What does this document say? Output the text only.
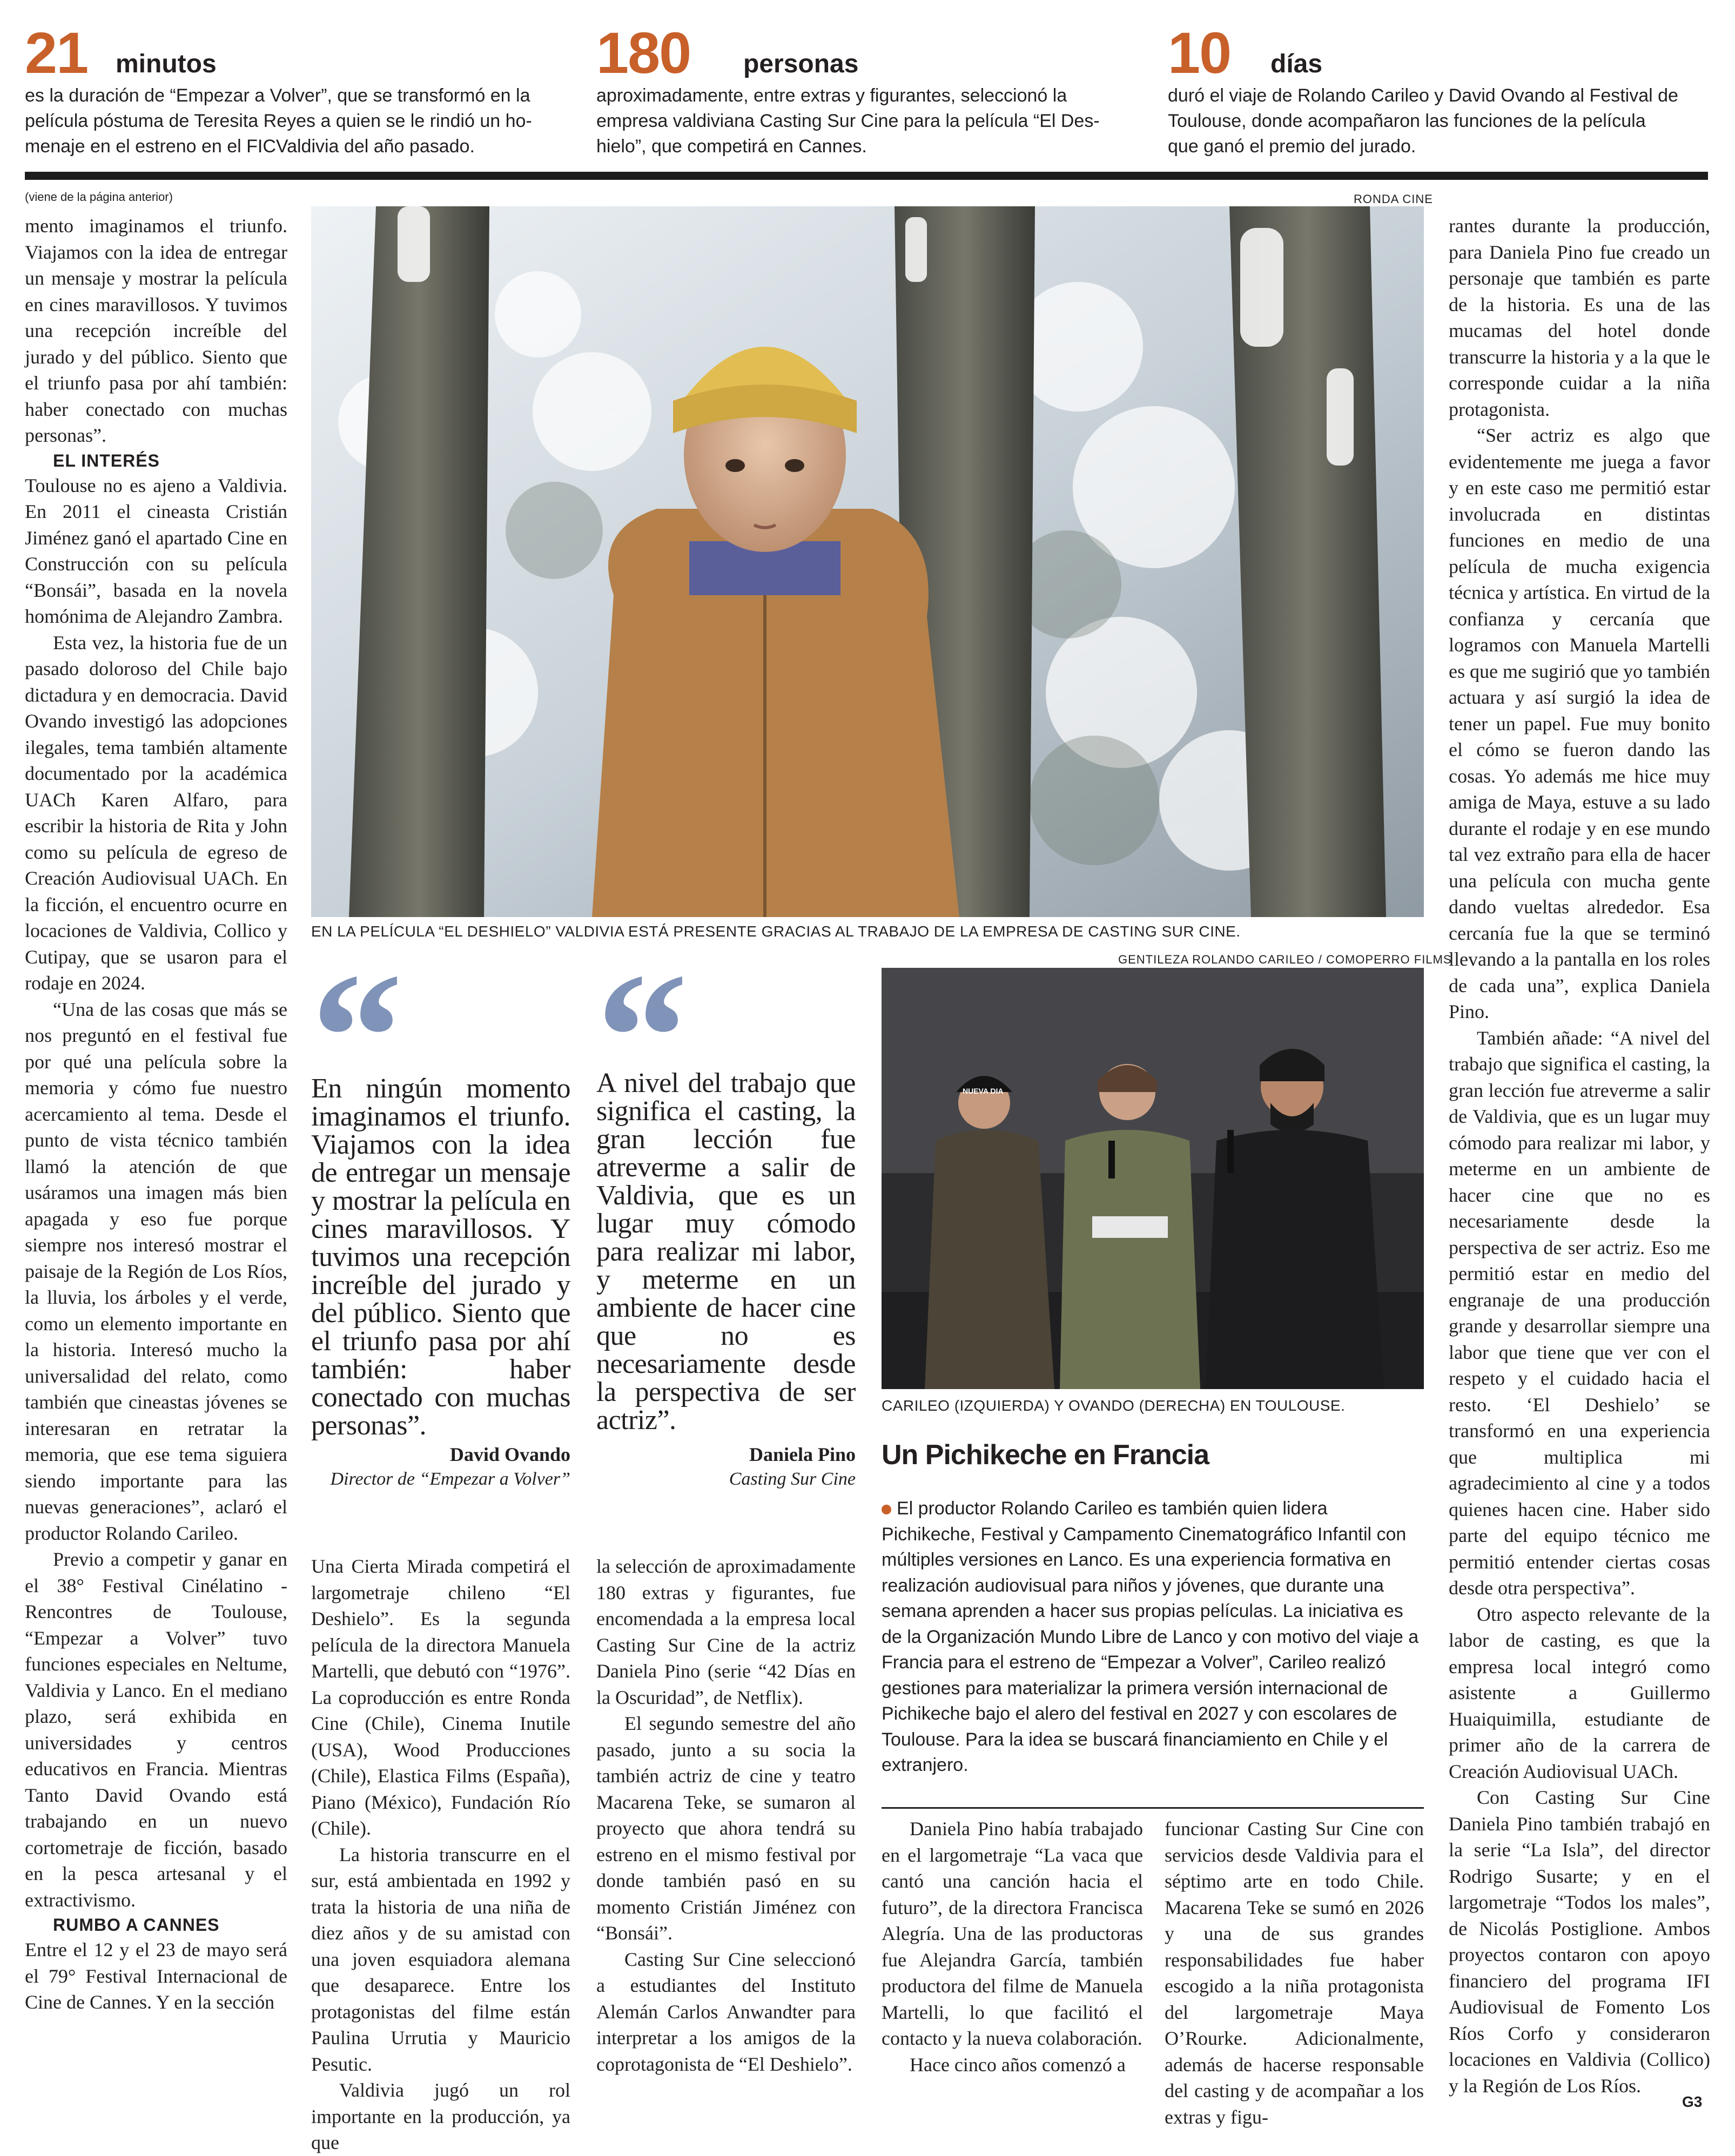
21 minutos
es la duración de “Empezar a Volver”, que se transformó en la
película póstuma de Teresita Reyes a quien se le rindió un ho-
menaje en el estreno en el FICValdivia del año pasado.
180 personas
aproximadamente, entre extras y figurantes, seleccionó la
empresa valdiviana Casting Sur Cine para la película “El Des-
hielo”, que competirá en Cannes.
10 días
duró el viaje de Rolando Carileo y David Ovando al Festival de
Toulouse, donde acompañaron las funciones de la película
que ganó el premio del jurado.
(viene de la página anterior)

mento imaginamos el triunfo. Viajamos con la idea de entregar un mensaje y mostrar la película en cines maravillosos. Y tuvimos una recepción increíble del jurado y del público. Siento que el triunfo pasa por ahí también: haber conectado con muchas personas”.

EL INTERÉS

Toulouse no es ajeno a Valdivia. En 2011 el cineasta Cristián Jiménez ganó el apartado Cine en Construcción con su película “Bonsái”, basada en la novela homónima de Alejandro Zambra.

Esta vez, la historia fue de un pasado doloroso del Chile bajo dictadura y en democracia. David Ovando investigó las adopciones ilegales, tema también altamente documentado por la académica UACh Karen Alfaro, para escribir la historia de Rita y John como su película de egreso de Creación Audiovisual UACh. En la ficción, el encuentro ocurre en locaciones de Valdivia, Collico y Cutipay, que se usaron para el rodaje en 2024.

“Una de las cosas que más se nos preguntó en el festival fue por qué una película sobre la memoria y cómo fue nuestro acercamiento al tema. Desde el punto de vista técnico también llamó la atención de que usáramos una imagen más bien apagada y eso fue porque siempre nos interesó mostrar el paisaje de la Región de Los Ríos, la lluvia, los árboles y el verde, como un elemento importante en la historia. Interesó mucho la universalidad del relato, como también que cineastas jóvenes se interesaran en retratar la memoria, que ese tema siguiera siendo importante para las nuevas generaciones”, aclaró el productor Rolando Carileo.

Previo a competir y ganar en el 38° Festival Cinélatino - Rencontres de Toulouse, “Empezar a Volver” tuvo funciones especiales en Neltume, Valdivia y Lanco. En el mediano plazo, será exhibida en universidades y centros educativos en Francia. Mientras Tanto David Ovando está trabajando en un nuevo cortometraje de ficción, basado en la pesca artesanal y el extractivismo.

RUMBO A CANNES

Entre el 12 y el 23 de mayo será el 79° Festival Internacional de Cine de Cannes. Y en la sección

RONDA CINE
EN LA PELÍCULA “EL DESHIELO” VALDIVIA ESTÁ PRESENTE GRACIAS AL TRABAJO DE LA EMPRESA DE CASTING SUR CINE.
En ningún momento imaginamos el triunfo. Viajamos con la idea de entregar un mensaje y mostrar la película en cines maravillosos. Y tuvimos una recepción increíble del jurado y del público. Siento que el triunfo pasa por ahí también: haber conectado con muchas personas”.
David Ovando
Director de “Empezar a Volver”
A nivel del trabajo que significa el casting, la gran lección fue atreverme a salir de Valdivia, que es un lugar muy cómodo para realizar mi labor, y meterme en un ambiente de hacer cine que no es necesariamente desde la perspectiva de ser actriz”.
Daniela Pino
Casting Sur Cine

Una Cierta Mirada competirá el largometraje chileno “El Deshielo”. Es la segunda película de la directora Manuela Martelli, que debutó con “1976”. La coproducción es entre Ronda Cine (Chile), Cinema Inutile (USA), Wood Producciones (Chile), Elastica Films (España), Piano (México), Fundación Río (Chile).

La historia transcurre en el sur, está ambientada en 1992 y trata la historia de una niña de diez años y de su amistad con una joven esquiadora alemana que desaparece. Entre los protagonistas del filme están Paulina Urrutia y Mauricio Pesutic.

Valdivia jugó un rol importante en la producción, ya que

la selección de aproximadamente 180 extras y figurantes, fue encomendada a la empresa local Casting Sur Cine de la actriz Daniela Pino (serie “42 Días en la Oscuridad”, de Netflix).

El segundo semestre del año pasado, junto a su socia la también actriz de cine y teatro Macarena Teke, se sumaron al proyecto que ahora tendrá su estreno en el mismo festival por donde también pasó en su momento Cristián Jiménez con “Bonsái”.

Casting Sur Cine seleccionó a estudiantes del Instituto Alemán Carlos Anwandter para interpretar a los amigos de la coprotagonista de “El Deshielo”.

GENTILEZA ROLANDO CARILEO / COMOPERRO FILMS
NUEVA DIA
CARILEO (IZQUIERDA) Y OVANDO (DERECHA) EN TOULOUSE.
Un Pichikeche en Francia
El productor Rolando Carileo es también quien lidera Pichikeche, Festival y Campamento Cinematográfico Infantil con múltiples versiones en Lanco. Es una experiencia formativa en realización audiovisual para niños y jóvenes, que durante una semana aprenden a hacer sus propias películas. La iniciativa es de la Organización Mundo Libre de Lanco y con motivo del viaje a Francia para el estreno de “Empezar a Volver”, Carileo realizó gestiones para materializar la primera versión internacional de Pichikeche bajo el alero del festival en 2027 y con escolares de Toulouse. Para la idea se buscará financiamiento en Chile y el extranjero.

Daniela Pino había trabajado en el largometraje “La vaca que cantó una canción hacia el futuro”, de la directora Francisca Alegría. Una de las productoras fue Alejandra García, también productora del filme de Manuela Martelli, lo que facilitó el contacto y la nueva colaboración.

Hace cinco años comenzó a

funcionar Casting Sur Cine con servicios desde Valdivia para el séptimo arte en todo Chile. Macarena Teke se sumó en 2026 y una de sus grandes responsabilidades fue haber escogido a la niña protagonista del largometraje Maya O’Rourke. Adicionalmente, además de hacerse responsable del casting y de acompañar a los extras y figu-

rantes durante la producción, para Daniela Pino fue creado un personaje que también es parte de la historia. Es una de las mucamas del hotel donde transcurre la historia y a la que le corresponde cuidar a la niña protagonista.

“Ser actriz es algo que evidentemente me juega a favor y en este caso me permitió estar involucrada en distintas funciones en medio de una película de mucha exigencia técnica y artística. En virtud de la confianza y cercanía que logramos con Manuela Martelli es que me sugirió que yo también actuara y así surgió la idea de tener un papel. Fue muy bonito el cómo se fueron dando las cosas. Yo además me hice muy amiga de Maya, estuve a su lado durante el rodaje y en ese mundo tal vez extraño para ella de hacer una película con mucha gente dando vueltas alrededor. Esa cercanía fue la que se terminó llevando a la pantalla en los roles de cada una”, explica Daniela Pino.

También añade: “A nivel del trabajo que significa el casting, la gran lección fue atreverme a salir de Valdivia, que es un lugar muy cómodo para realizar mi labor, y meterme en un ambiente de hacer cine que no es necesariamente desde la perspectiva de ser actriz. Eso me permitió estar en medio del engranaje de una producción grande y desarrollar siempre una labor que tiene que ver con el respeto y el cuidado hacia el resto. ‘El Deshielo’ se transformó en una experiencia que multiplica mi agradecimiento al cine y a todos quienes hacen cine. Haber sido parte del equipo técnico me permitió entender ciertas cosas desde otra perspectiva”.

Otro aspecto relevante de la labor de casting, es que la empresa local integró como asistente a Guillermo Huaiquimilla, estudiante de primer año de la carrera de Creación Audiovisual UACh.

Con Casting Sur Cine Daniela Pino también trabajó en la serie “La Isla”, del director Rodrigo Susarte; y en el largometraje “Todos los males”, de Nicolás Postiglione. Ambos proyectos contaron con apoyo financiero del programa IFI Audiovisual de Fomento Los Ríos Corfo y consideraron locaciones en Valdivia (Collico) y la Región de Los Ríos.

G3
